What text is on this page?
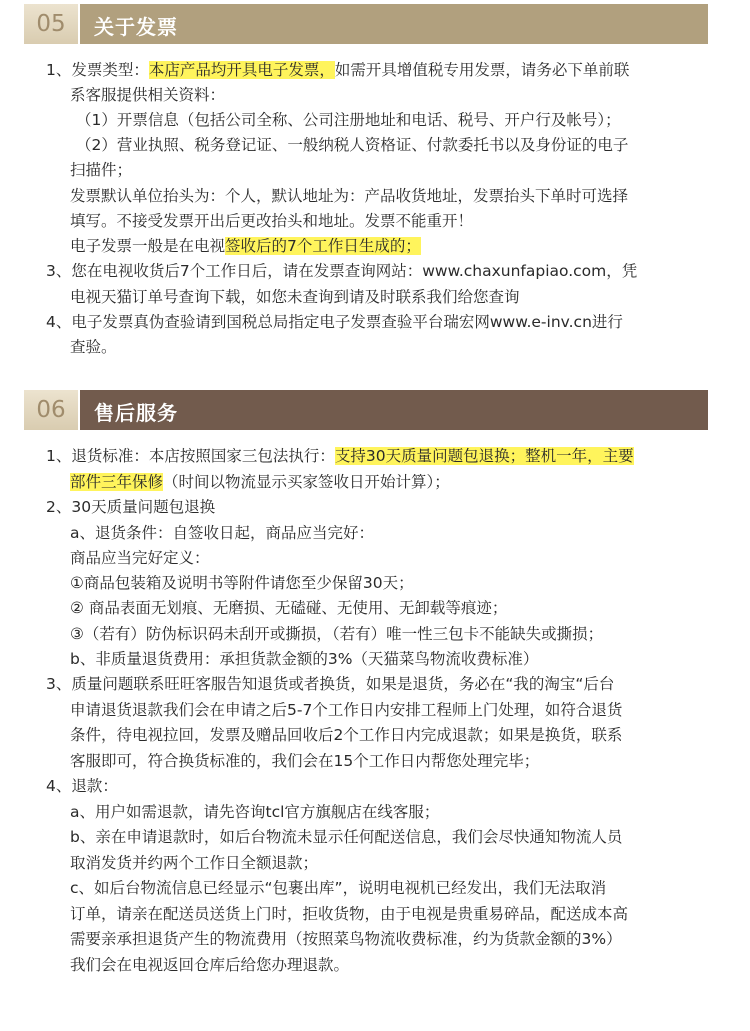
05 关于发票
1、发票类型：本店产品均开具电子发票，如需开具增值税专用发票，请务必下单前联
系客服提供相关资料：
（1）开票信息（包括公司全称、公司注册地址和电话、税号、开户行及帐号）；
（2）营业执照、税务登记证、一般纳税人资格证、付款委托书以及身份证的电子
扫描件；
发票默认单位抬头为：个人，默认地址为：产品收货地址，发票抬头下单时可选择
填写。不接受发票开出后更改抬头和地址。发票不能重开！
电子发票一般是在电视签收后的7个工作日生成的；
3、您在电视收货后7个工作日后，请在发票查询网站：www.chaxunfapiao.com，凭
电视天猫订单号查询下载，如您未查询到请及时联系我们给您查询
4、电子发票真伪查验请到国税总局指定电子发票查验平台瑞宏网www.e-inv.cn进行
查验。
06 售后服务
1、退货标准：本店按照国家三包法执行：支持30天质量问题包退换；整机一年，主要
部件三年保修（时间以物流显示买家签收日开始计算）；
2、30天质量问题包退换
a、退货条件：自签收日起，商品应当完好：
商品应当完好定义：
①商品包装箱及说明书等附件请您至少保留30天；
② 商品表面无划痕、无磨损、无磕碰、无使用、无卸载等痕迹；
③（若有）防伪标识码未刮开或撕损，（若有）唯一性三包卡不能缺失或撕损；
b、非质量退货费用：承担货款金额的3%（天猫菜鸟物流收费标准）
3、质量问题联系旺旺客服告知退货或者换货，如果是退货，务必在“我的淘宝“后台
申请退货退款我们会在申请之后5-7个工作日内安排工程师上门处理，如符合退货
条件，待电视拉回，发票及赠品回收后2个工作日内完成退款；如果是换货，联系
客服即可，符合换货标准的，我们会在15个工作日内帮您处理完毕；
4、退款：
a、用户如需退款，请先咨询tcl官方旗舰店在线客服；
b、亲在申请退款时，如后台物流未显示任何配送信息，我们会尽快通知物流人员
取消发货并约两个工作日全额退款；
c、如后台物流信息已经显示“包裹出库”，说明电视机已经发出，我们无法取消
订单，请亲在配送员送货上门时，拒收货物，由于电视是贵重易碎品，配送成本高
需要亲承担退货产生的物流费用（按照菜鸟物流收费标准，约为货款金额的3%）
我们会在电视返回仓库后给您办理退款。
